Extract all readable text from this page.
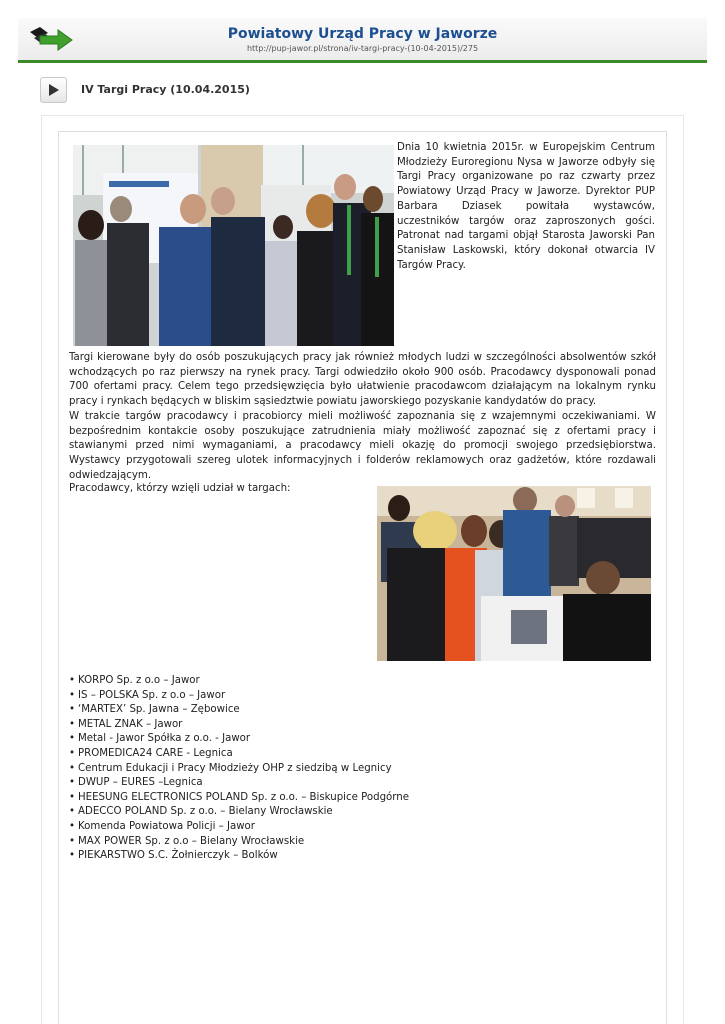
Powiatowy Urząd Pracy w Jaworze
http://pup-jawor.pl/strona/iv-targi-pracy-(10-04-2015)/275
IV Targi Pracy (10.04.2015)

Dnia 10 kwietnia 2015r. w Europejskim Centrum Młodzieży Euroregionu Nysa w Jaworze odbyły się Targi Pracy organizowane po raz czwarty przez Powiatowy Urząd Pracy w Jaworze. Dyrektor PUP Barbara Dziasek powitała wystawców, uczestników targów oraz zaproszonych gości. Patronat nad targami objął Starosta Jaworski Pan Stanisław Laskowski, który dokonał otwarcia IV Targów Pracy.

Targi kierowane były do osób poszukujących pracy jak również młodych ludzi w szczególności absolwentów szkół wchodzących po raz pierwszy na rynek pracy. Targi odwiedziło około 900 osób. Pracodawcy dysponowali ponad 700 ofertami pracy. Celem tego przedsięwzięcia było ułatwienie pracodawcom działającym na lokalnym rynku pracy i rynkach będących w bliskim sąsiedztwie powiatu jaworskiego pozyskanie kandydatów do pracy.
W trakcie targów pracodawcy i pracobiorcy mieli możliwość zapoznania się z wzajemnymi oczekiwaniami. W bezpośrednim kontakcie osoby poszukujące zatrudnienia miały możliwość zapoznać się z ofertami pracy i stawianymi przed nimi wymaganiami, a pracodawcy mieli okazję do promocji swojego przedsiębiorstwa. Wystawcy przygotowali szereg ulotek informacyjnych i folderów reklamowych oraz gadżetów, które rozdawali odwiedzającym.

Pracodawcy, którzy wzięli udział w targach:

• KORPO Sp. z o.o – Jawor
• IS – POLSKA Sp. z o.o – Jawor
• ‘MARTEX’ Sp. Jawna – Zębowice
• METAL ZNAK – Jawor
• Metal - Jawor Spółka z o.o. - Jawor
• PROMEDICA24 CARE - Legnica
• Centrum Edukacji i Pracy Młodzieży OHP z siedzibą w Legnicy
• DWUP – EURES –Legnica
• HEESUNG ELECTRONICS POLAND Sp. z o.o. – Biskupice Podgórne
• ADECCO POLAND Sp. z o.o. – Bielany Wrocławskie
• Komenda Powiatowa Policji – Jawor
• MAX POWER Sp. z o.o – Bielany Wrocławskie
• PIEKARSTWO S.C. Żołnierczyk – Bolków
